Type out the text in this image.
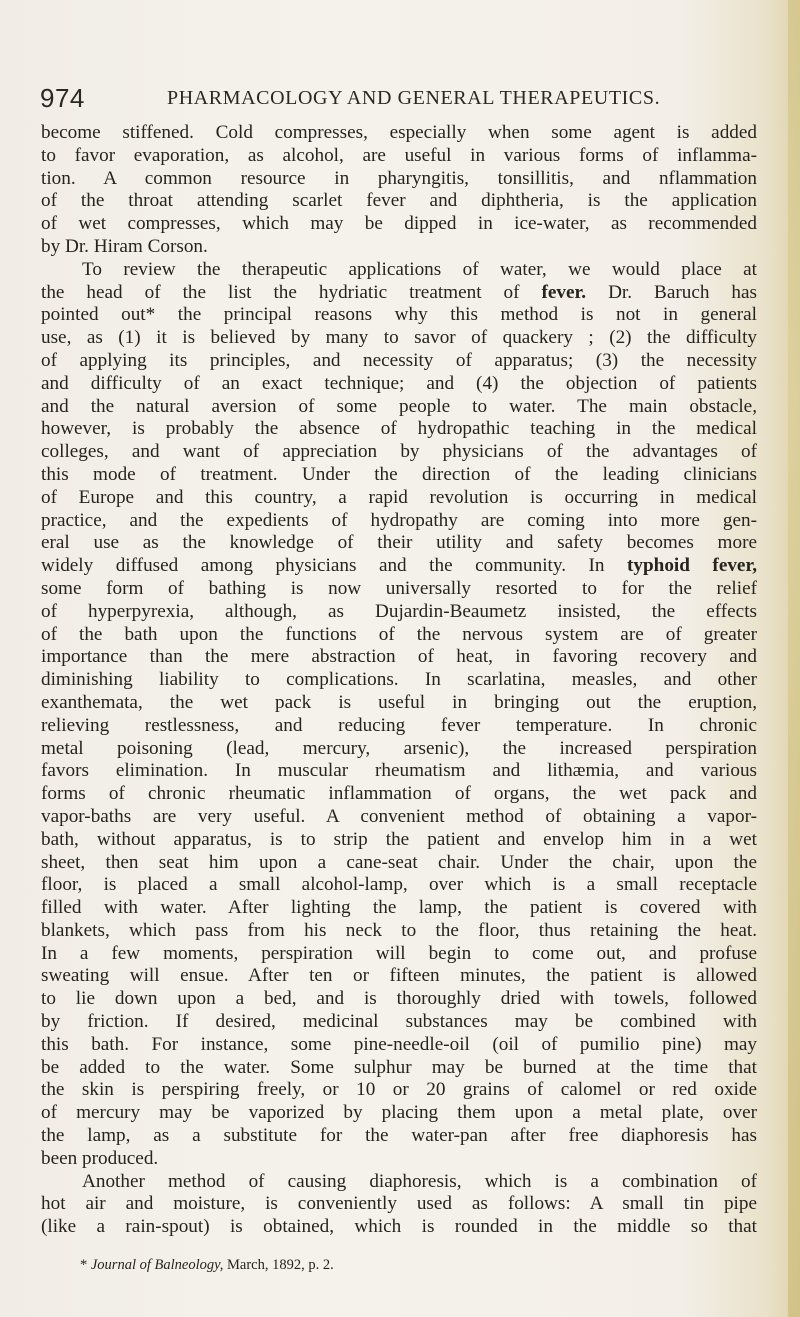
974	PHARMACOLOGY AND GENERAL THERAPEUTICS.
become stiffened. Cold compresses, especially when some agent is added
to favor evaporation, as alcohol, are useful in various forms of inflamma-
tion. A common resource in pharyngitis, tonsillitis, and nflammation
of the throat attending scarlet fever and diphtheria, is the application
of wet compresses, which may be dipped in ice-water, as recommended
by Dr. Hiram Corson.
To review the therapeutic applications of water, we would place at
the head of the list the hydriatic treatment of fever. Dr. Baruch has
pointed out* the principal reasons why this method is not in general
use, as (1) it is believed by many to savor of quackery ; (2) the difficulty
of applying its principles, and necessity of apparatus; (3) the necessity
and difficulty of an exact technique; and (4) the objection of patients
and the natural aversion of some people to water. The main obstacle,
however, is probably the absence of hydropathic teaching in the medical
colleges, and want of appreciation by physicians of the advantages of
this mode of treatment. Under the direction of the leading clinicians
of Europe and this country, a rapid revolution is occurring in medical
practice, and the expedients of hydropathy are coming into more gen-
eral use as the knowledge of their utility and safety becomes more
widely diffused among physicians and the community. In typhoid fever,
some form of bathing is now universally resorted to for the relief
of hyperpyrexia, although, as Dujardin-Beaumetz insisted, the effects
of the bath upon the functions of the nervous system are of greater
importance than the mere abstraction of heat, in favoring recovery and
diminishing liability to complications. In scarlatina, measles, and other
exanthemata, the wet pack is useful in bringing out the eruption,
relieving restlessness, and reducing fever temperature. In chronic
metal poisoning (lead, mercury, arsenic), the increased perspiration
favors elimination. In muscular rheumatism and lithæmia, and various
forms of chronic rheumatic inflammation of organs, the wet pack and
vapor-baths are very useful. A convenient method of obtaining a vapor-
bath, without apparatus, is to strip the patient and envelop him in a wet
sheet, then seat him upon a cane-seat chair. Under the chair, upon the
floor, is placed a small alcohol-lamp, over which is a small receptacle
filled with water. After lighting the lamp, the patient is covered with
blankets, which pass from his neck to the floor, thus retaining the heat.
In a few moments, perspiration will begin to come out, and profuse
sweating will ensue. After ten or fifteen minutes, the patient is allowed
to lie down upon a bed, and is thoroughly dried with towels, followed
by friction. If desired, medicinal substances may be combined with
this bath. For instance, some pine-needle-oil (oil of pumilio pine) may
be added to the water. Some sulphur may be burned at the time that
the skin is perspiring freely, or 10 or 20 grains of calomel or red oxide
of mercury may be vaporized by placing them upon a metal plate, over
the lamp, as a substitute for the water-pan after free diaphoresis has
been produced.
Another method of causing diaphoresis, which is a combination of
hot air and moisture, is conveniently used as follows: A small tin pipe
(like a rain-spout) is obtained, which is rounded in the middle so that
* Journal of Balneology, March, 1892, p. 2.
